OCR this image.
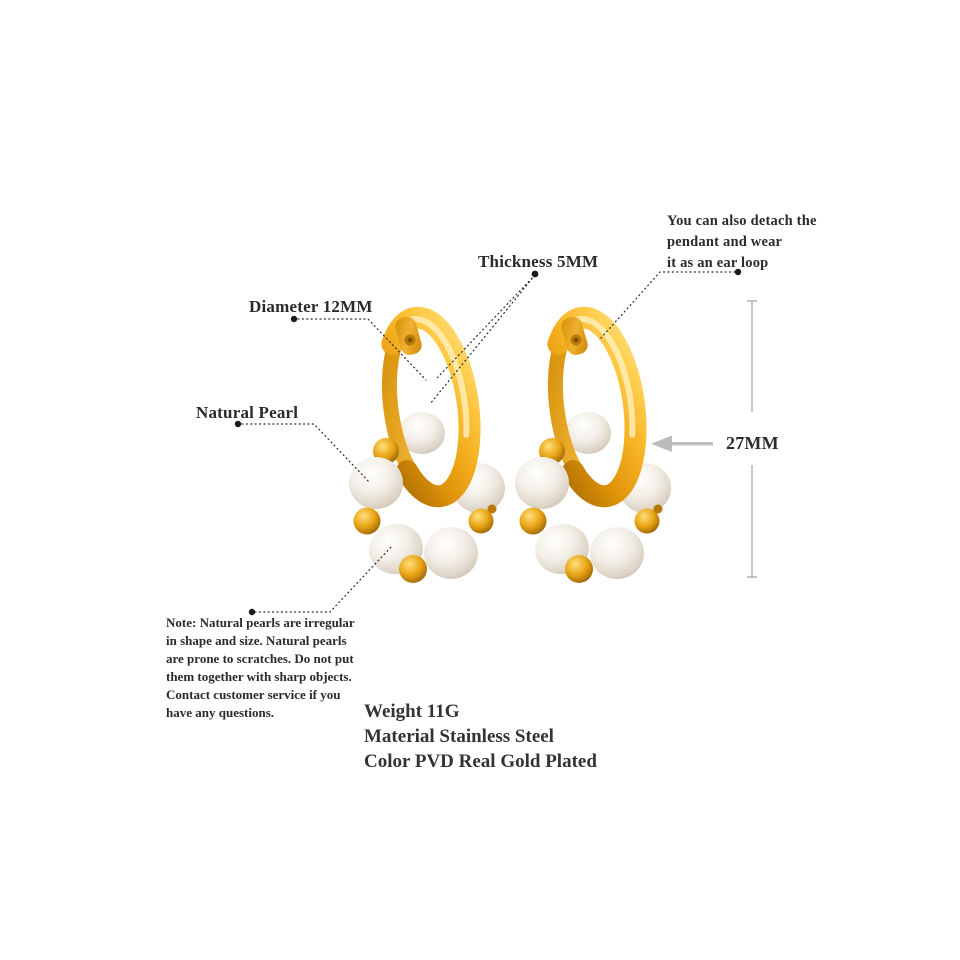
You can also detach the
pendant and wear
it as an ear loop
Thickness 5MM
Diameter 12MM
Natural Pearl
27MM
Note: Natural pearls are irregular
in shape and size. Natural pearls
are prone to scratches. Do not put
them together with sharp objects.
Contact customer service if you
have any questions.	Weight 11G
Material Stainless Steel
Color PVD Real Gold Plated
